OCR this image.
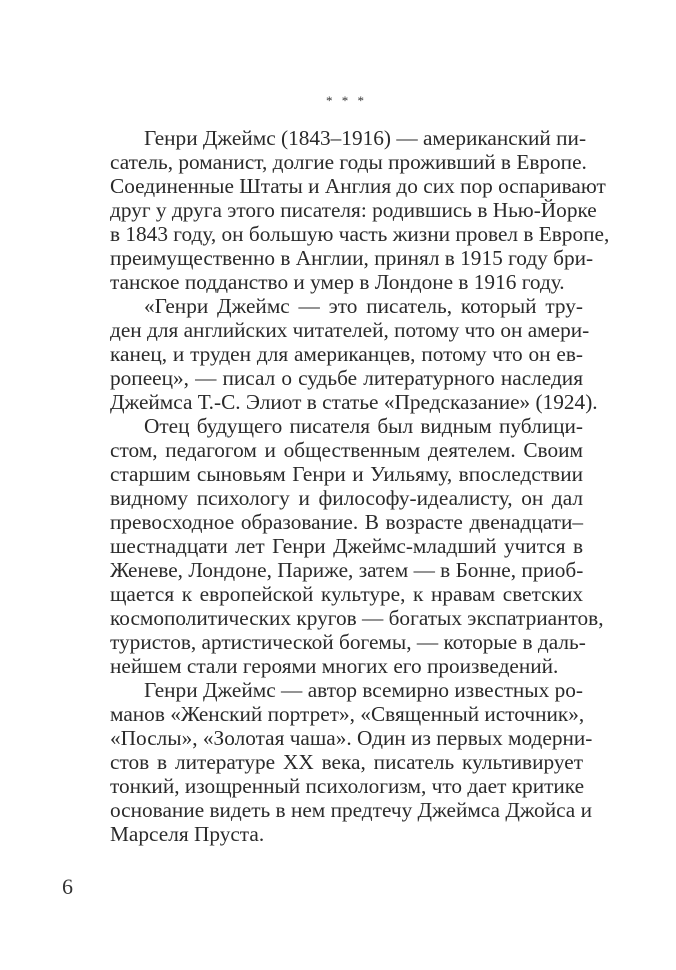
* * *
Генри Джеймс (1843–1916) — американский пи-
сатель, романист, долгие годы проживший в Европе.
Соединенные Штаты и Англия до сих пор оспаривают
друг у друга этого писателя: родившись в Нью-Йорке
в 1843 году, он большую часть жизни провел в Европе,
преимущественно в Англии, принял в 1915 году бри-
танское подданство и умер в Лондоне в 1916 году.
«Генри Джеймс — это писатель, который тру-
ден для английских читателей, потому что он амери-
канец, и труден для американцев, потому что он ев-
ропеец», — писал о судьбе литературного наследия
Джеймса Т.-С. Элиот в статье «Предсказание» (1924).
Отец будущего писателя был видным публици-
стом, педагогом и общественным деятелем. Своим
старшим сыновьям Генри и Уильяму, впоследствии
видному психологу и философу-идеалисту, он дал
превосходное образование. В возрасте двенадцати–
шестнадцати лет Генри Джеймс-младший учится в
Женеве, Лондоне, Париже, затем — в Бонне, приоб-
щается к европейской культуре, к нравам светских
космополитических кругов — богатых экспатриантов,
туристов, артистической богемы, — которые в даль-
нейшем стали героями многих его произведений.
Генри Джеймс — автор всемирно известных ро-
манов «Женский портрет», «Священный источник»,
«Послы», «Золотая чаша». Один из первых модерни-
стов в литературе XX века, писатель культивирует
тонкий, изощренный психологизм, что дает критике
основание видеть в нем предтечу Джеймса Джойса и
Марселя Пруста.
6
